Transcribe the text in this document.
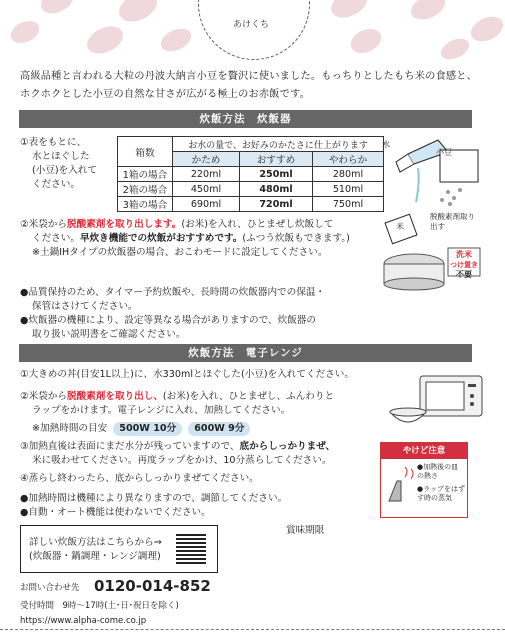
あけくち
高級品種と言われる大粒の丹波大納言小豆を贅沢に使いました。もっちりとしたもち米の食感と、
ホクホクとした小豆の自然な甘さが広がる極上のお赤飯です。
炊飯方法　炊飯器
①表をもとに、
水とほぐした
(小豆)を入れて
ください。
箱数	お水の量で、お好みのかたさに仕上がります		
	かため	おすすめ	やわらか
1箱の場合	220ml	250ml	280ml
2箱の場合	450ml	480ml	510ml
3箱の場合	690ml	720ml	750ml
水
小豆
②米袋から脱酸素剤を取り出します。(お米)を入れ、ひとまぜし炊飯して
ください。早炊き機能での炊飯がおすすめです。(ふつう炊飯もできます。)
※土鍋IHタイプの炊飯器の場合、おこわモードに設定してください。
米
脱酸素剤取り出す
洗米
つけ置き
不要
●品質保持のため、タイマー予約炊飯や、長時間の炊飯器内での保温・
保管はさけてください。
●炊飯器の機種により、設定等異なる場合がありますので、炊飯器の
取り扱い説明書をご確認ください。
炊飯方法　電子レンジ
①大きめの丼(目安1L以上)に、水330mlとほぐした(小豆)を入れてください。
②米袋から脱酸素剤を取り出し、(お米)を入れ、ひとまぜし、ふんわりと
ラップをかけます。電子レンジに入れ、加熱してください。
※加熱時間の目安 500W 10分 600W 9分
③加熱直後は表面にまだ水分が残っていますので、底からしっかりまぜ、
米に吸わせてください。再度ラップをかけ、10分蒸らしてください。
④蒸らし終わったら、底からしっかりまぜてください。
●加熱時間は機種により異なりますので、調節してください。
●自動・オート機能は使わないでください。
賞味期限
やけど注意
●加熱後の皿の熱さ
●ラップをはずす時の蒸気
詳しい炊飯方法はこちらから⇒
(炊飯器・鍋調理・レンジ調理)
お問い合わせ先 0120-014-852
受付時間　9時〜17時(土･日･祝日を除く)
https://www.alpha-come.co.jp
